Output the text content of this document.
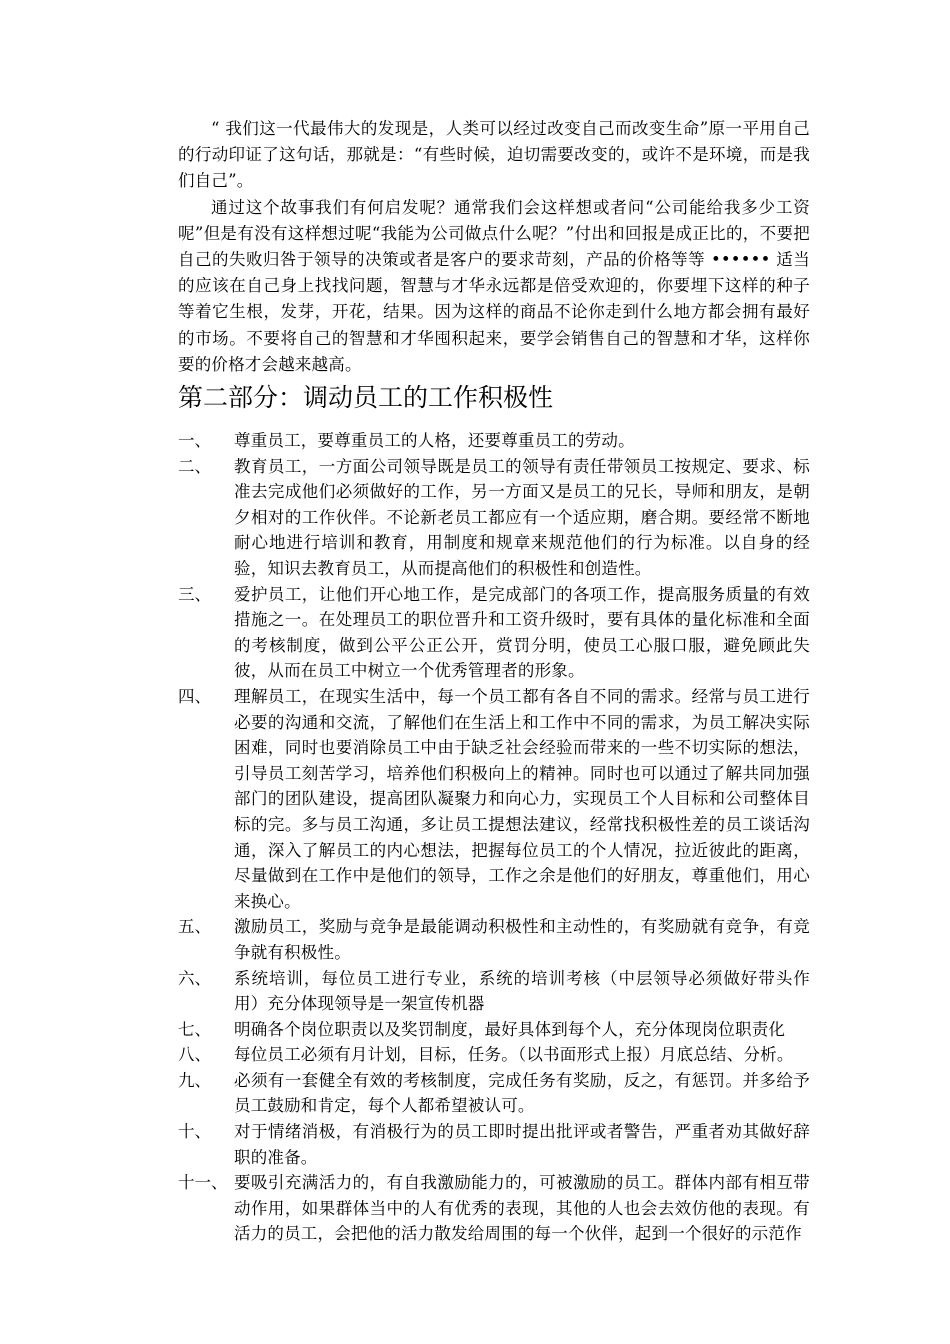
“ 我们这一代最伟大的发现是，人类可以经过改变自己而改变生命”原一平用自己的行动印证了这句话，那就是：“有些时候，迫切需要改变的，或许不是环境，而是我们自己”。

通过这个故事我们有何启发呢？通常我们会这样想或者问“公司能给我多少工资呢”但是有没有这样想过呢“我能为公司做点什么呢？”付出和回报是成正比的，不要把自己的失败归咎于领导的决策或者是客户的要求苛刻，产品的价格等等 •••••• 适当的应该在自己身上找找问题，智慧与才华永远都是倍受欢迎的，你要埋下这样的种子等着它生根，发芽，开花，结果。因为这样的商品不论你走到什么地方都会拥有最好的市场。不要将自己的智慧和才华囤积起来，要学会销售自己的智慧和才华，这样你要的价格才会越来越高。

第二部分：调动员工的工作积极性
一、	尊重员工，要尊重员工的人格，还要尊重员工的劳动。
二、	教育员工，一方面公司领导既是员工的领导有责任带领员工按规定、要求、标准去完成他们必须做好的工作，另一方面又是员工的兄长，导师和朋友，是朝夕相对的工作伙伴。不论新老员工都应有一个适应期，磨合期。要经常不断地耐心地进行培训和教育，用制度和规章来规范他们的行为标准。以自身的经验，知识去教育员工，从而提高他们的积极性和创造性。
三、	爱护员工，让他们开心地工作，是完成部门的各项工作，提高服务质量的有效措施之一。在处理员工的职位晋升和工资升级时，要有具体的量化标准和全面的考核制度，做到公平公正公开，赏罚分明，使员工心服口服，避免顾此失彼，从而在员工中树立一个优秀管理者的形象。
四、	理解员工，在现实生活中，每一个员工都有各自不同的需求。经常与员工进行必要的沟通和交流，了解他们在生活上和工作中不同的需求，为员工解决实际困难，同时也要消除员工中由于缺乏社会经验而带来的一些不切实际的想法，引导员工刻苦学习，培养他们积极向上的精神。同时也可以通过了解共同加强部门的团队建设，提高团队凝聚力和向心力，实现员工个人目标和公司整体目标的完。多与员工沟通，多让员工提想法建议，经常找积极性差的员工谈话沟通，深入了解员工的内心想法，把握每位员工的个人情况，拉近彼此的距离，尽量做到在工作中是他们的领导，工作之余是他们的好朋友，尊重他们，用心来换心。
五、	激励员工，奖励与竞争是最能调动积极性和主动性的，有奖励就有竞争，有竞争就有积极性。
六、	系统培训，每位员工进行专业，系统的培训考核（中层领导必须做好带头作用）充分体现领导是一架宣传机器
七、	明确各个岗位职责以及奖罚制度，最好具体到每个人，充分体现岗位职责化
八、	每位员工必须有月计划，目标，任务。（以书面形式上报）月底总结、分析。
九、	必须有一套健全有效的考核制度，完成任务有奖励，反之，有惩罚。并多给予员工鼓励和肯定，每个人都希望被认可。
十、	对于情绪消极，有消极行为的员工即时提出批评或者警告，严重者劝其做好辞职的准备。
十一、 要吸引充满活力的，有自我激励能力的，可被激励的员工。群体内部有相互带动作用，如果群体当中的人有优秀的表现，其他的人也会去效仿他的表现。有活力的员工，会把他的活力散发给周围的每一个伙伴，起到一个很好的示范作
